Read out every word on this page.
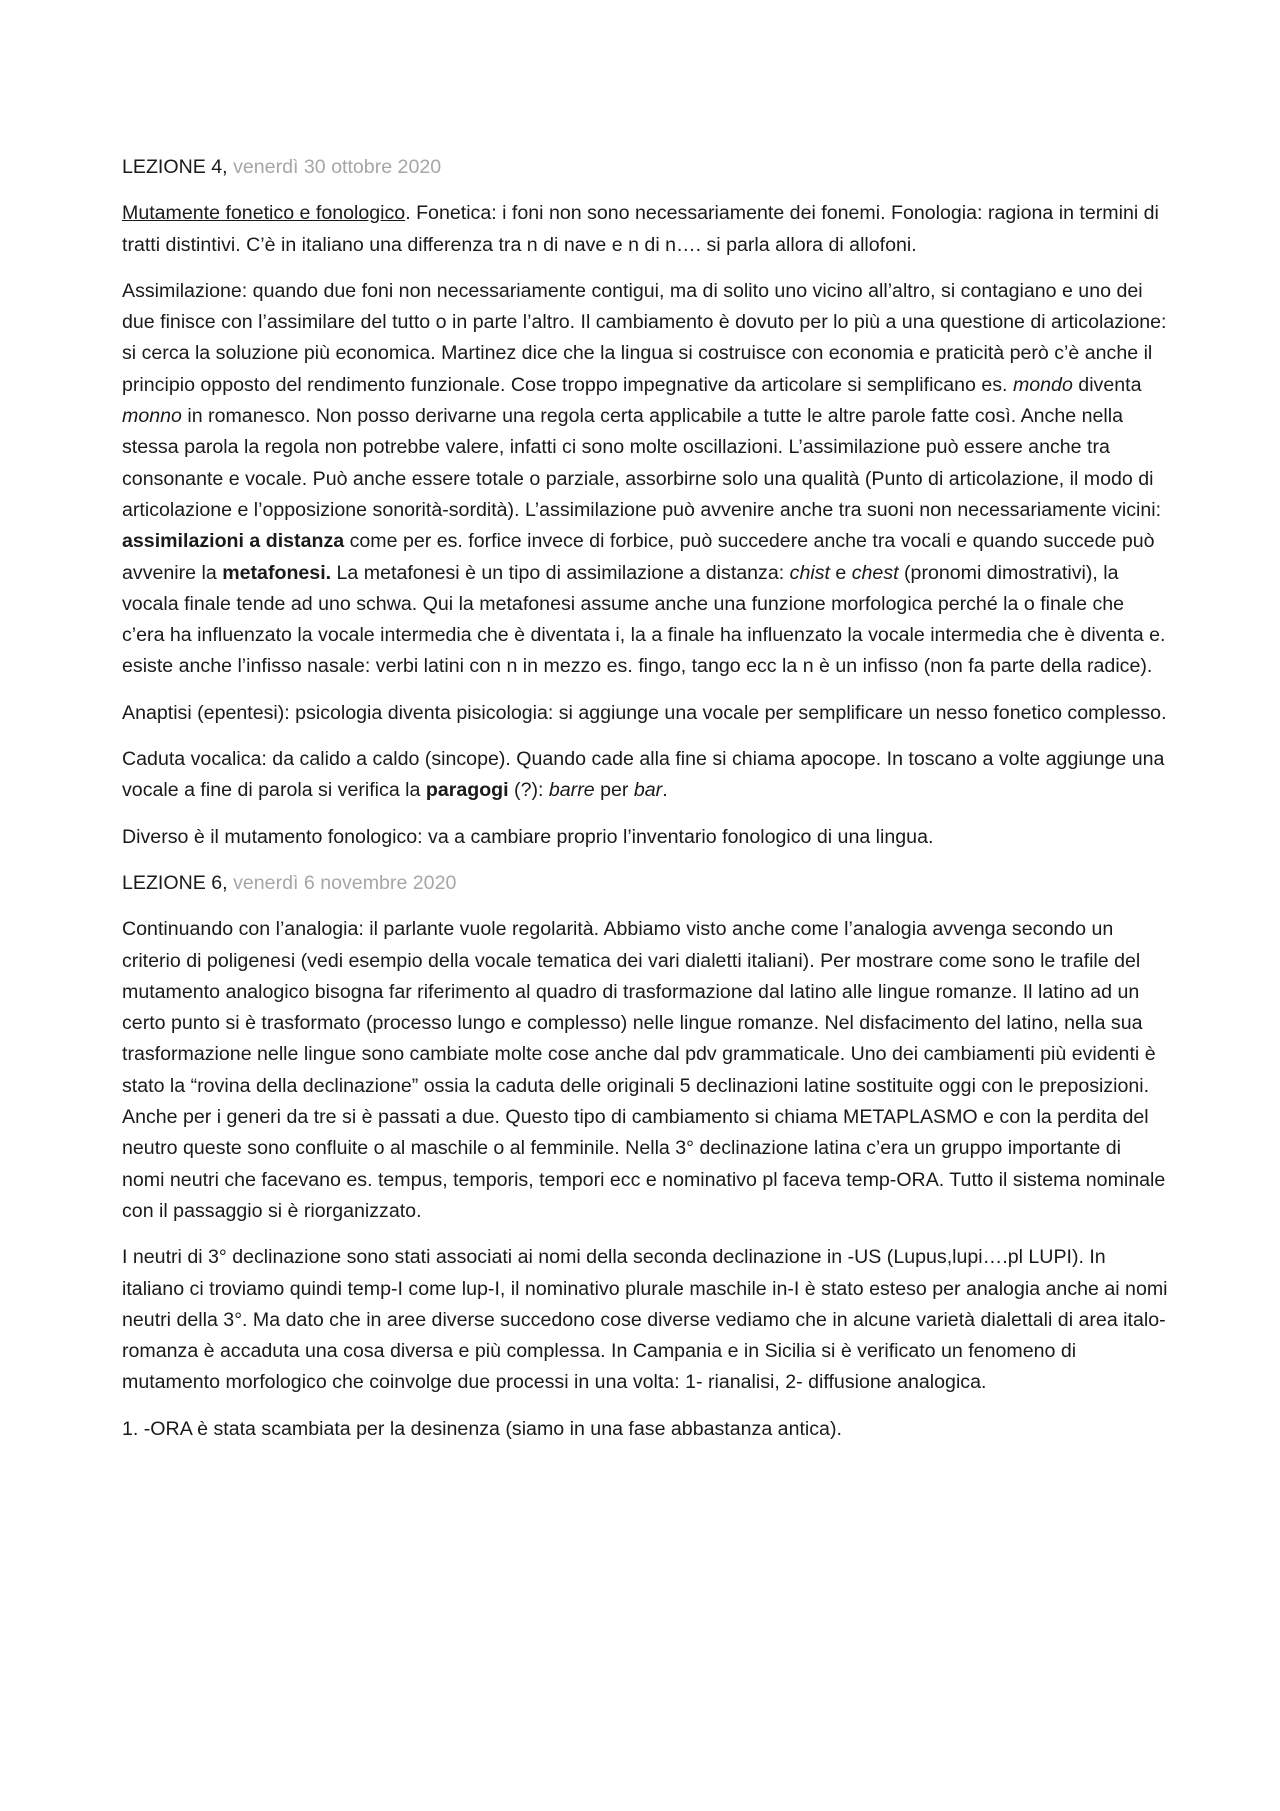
LEZIONE 4, venerdì 30 ottobre 2020

Mutamente fonetico e fonologico. Fonetica: i foni non sono necessariamente dei fonemi. Fonologia: ragiona in termini di tratti distintivi. C’è in italiano una differenza tra n di nave e n di n…. si parla allora di allofoni.

Assimilazione: quando due foni non necessariamente contigui, ma di solito uno vicino all’altro, si contagiano e uno dei due finisce con l’assimilare del tutto o in parte l’altro. Il cambiamento è dovuto per lo più a una questione di articolazione: si cerca la soluzione più economica. Martinez dice che la lingua si costruisce con economia e praticità però c’è anche il principio opposto del rendimento funzionale. Cose troppo impegnative da articolare si semplificano es. mondo diventa monno in romanesco. Non posso derivarne una regola certa applicabile a tutte le altre parole fatte così. Anche nella stessa parola la regola non potrebbe valere, infatti ci sono molte oscillazioni. L’assimilazione può essere anche tra consonante e vocale. Può anche essere totale o parziale, assorbirne solo una qualità (Punto di articolazione, il modo di articolazione e l’opposizione sonorità-sordità). L’assimilazione può avvenire anche tra suoni non necessariamente vicini: assimilazioni a distanza come per es. forfice invece di forbice, può succedere anche tra vocali e quando succede può avvenire la metafonesi. La metafonesi è un tipo di assimilazione a distanza: chist e chest (pronomi dimostrativi), la vocala finale tende ad uno schwa. Qui la metafonesi assume anche una funzione morfologica perché la o finale che c’era ha influenzato la vocale intermedia che è diventata i, la a finale ha influenzato la vocale intermedia che è diventa e. esiste anche l’infisso nasale: verbi latini con n in mezzo es. fingo, tango ecc la n è un infisso (non fa parte della radice).

Anaptisi (epentesi): psicologia diventa pisicologia: si aggiunge una vocale per semplificare un nesso fonetico complesso.

Caduta vocalica: da calido a caldo (sincope). Quando cade alla fine si chiama apocope. In toscano a volte aggiunge una vocale a fine di parola si verifica la paragogi (?): barre per bar.

Diverso è il mutamento fonologico: va a cambiare proprio l’inventario fonologico di una lingua.

LEZIONE 6, venerdì 6 novembre 2020

Continuando con l’analogia: il parlante vuole regolarità. Abbiamo visto anche come l’analogia avvenga secondo un criterio di poligenesi (vedi esempio della vocale tematica dei vari dialetti italiani). Per mostrare come sono le trafile del mutamento analogico bisogna far riferimento al quadro di trasformazione dal latino alle lingue romanze. Il latino ad un certo punto si è trasformato (processo lungo e complesso) nelle lingue romanze. Nel disfacimento del latino, nella sua trasformazione nelle lingue sono cambiate molte cose anche dal pdv grammaticale. Uno dei cambiamenti più evidenti è stato la “rovina della declinazione” ossia la caduta delle originali 5 declinazioni latine sostituite oggi con le preposizioni. Anche per i generi da tre si è passati a due. Questo tipo di cambiamento si chiama METAPLASMO e con la perdita del neutro queste sono confluite o al maschile o al femminile. Nella 3° declinazione latina c’era un gruppo importante di nomi neutri che facevano es. tempus, temporis, tempori ecc e nominativo pl faceva temp-ORA. Tutto il sistema nominale con il passaggio si è riorganizzato.

I neutri di 3° declinazione sono stati associati ai nomi della seconda declinazione in -US (Lupus,lupi….pl LUPI). In italiano ci troviamo quindi temp-I come lup-I, il nominativo plurale maschile in-I è stato esteso per analogia anche ai nomi neutri della 3°. Ma dato che in aree diverse succedono cose diverse vediamo che in alcune varietà dialettali di area italo-romanza è accaduta una cosa diversa e più complessa. In Campania e in Sicilia si è verificato un fenomeno di mutamento morfologico che coinvolge due processi in una volta: 1- rianalisi, 2- diffusione analogica.

1. -ORA è stata scambiata per la desinenza (siamo in una fase abbastanza antica).
